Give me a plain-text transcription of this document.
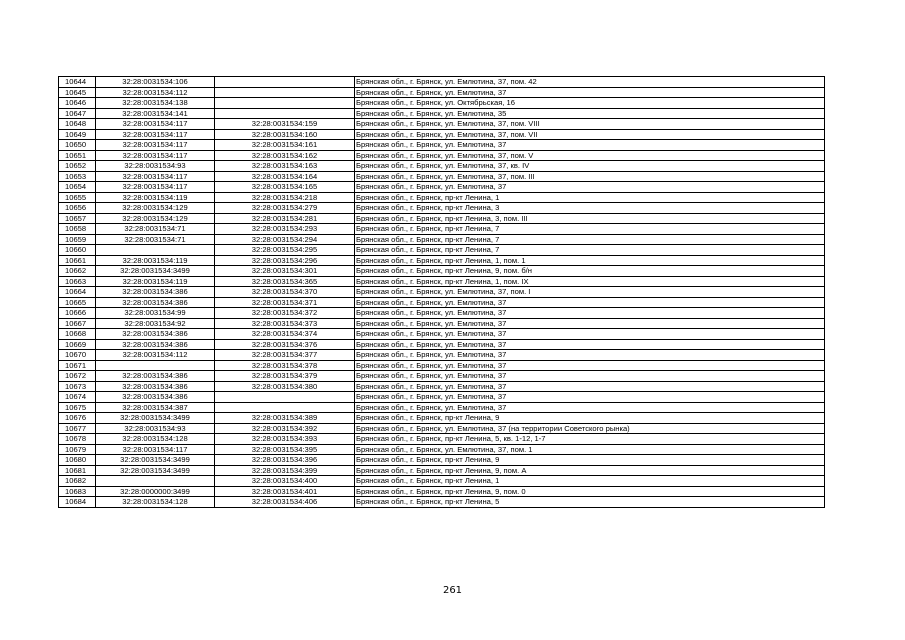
10644	32:28:0031534:106		Брянская обл., г. Брянск, ул. Емлютина, 37, пом. 42
10645	32:28:0031534:112		Брянская обл., г. Брянск, ул. Емлютина, 37
10646	32:28:0031534:138		Брянская обл., г. Брянск, ул. Октябрьская, 16
10647	32:28:0031534:141		Брянская обл., г. Брянск, ул. Емлютина, 35
10648	32:28:0031534:117	32:28:0031534:159	Брянская обл., г. Брянск, ул. Емлютина, 37, пом. VIII
10649	32:28:0031534:117	32:28:0031534:160	Брянская обл., г. Брянск, ул. Емлютина, 37, пом. VII
10650	32:28:0031534:117	32:28:0031534:161	Брянская обл., г. Брянск, ул. Емлютина, 37
10651	32:28:0031534:117	32:28:0031534:162	Брянская обл., г. Брянск, ул. Емлютина, 37, пом. V
10652	32:28:0031534:93	32:28:0031534:163	Брянская обл., г. Брянск, ул. Емлютина, 37, кв. IV
10653	32:28:0031534:117	32:28:0031534:164	Брянская обл., г. Брянск, ул. Емлютина, 37, пом. III
10654	32:28:0031534:117	32:28:0031534:165	Брянская обл., г. Брянск, ул. Емлютина, 37
10655	32:28:0031534:119	32:28:0031534:218	Брянская обл., г. Брянск, пр-кт Ленина, 1
10656	32:28:0031534:129	32:28:0031534:279	Брянская обл., г. Брянск, пр-кт Ленина, 3
10657	32:28:0031534:129	32:28:0031534:281	Брянская обл., г. Брянск, пр-кт Ленина, 3, пом. III
10658	32:28:0031534:71	32:28:0031534:293	Брянская обл., г. Брянск, пр-кт Ленина, 7
10659	32:28:0031534:71	32:28:0031534:294	Брянская обл., г. Брянск, пр-кт Ленина, 7
10660		32:28:0031534:295	Брянская обл., г. Брянск, пр-кт Ленина, 7
10661	32:28:0031534:119	32:28:0031534:296	Брянская обл., г. Брянск, пр-кт Ленина, 1, пом. 1
10662	32:28:0031534:3499	32:28:0031534:301	Брянская обл., г. Брянск, пр-кт Ленина, 9, пом. б/н
10663	32:28:0031534:119	32:28:0031534:365	Брянская обл., г. Брянск, пр-кт Ленина, 1, пом. IX
10664	32:28:0031534:386	32:28:0031534:370	Брянская обл., г. Брянск, ул. Емлютина, 37, пом. I
10665	32:28:0031534:386	32:28:0031534:371	Брянская обл., г. Брянск, ул. Емлютина, 37
10666	32:28:0031534:99	32:28:0031534:372	Брянская обл., г. Брянск, ул. Емлютина, 37
10667	32:28:0031534:92	32:28:0031534:373	Брянская обл., г. Брянск, ул. Емлютина, 37
10668	32:28:0031534:386	32:28:0031534:374	Брянская обл., г. Брянск, ул. Емлютина, 37
10669	32:28:0031534:386	32:28:0031534:376	Брянская обл., г. Брянск, ул. Емлютина, 37
10670	32:28:0031534:112	32:28:0031534:377	Брянская обл., г. Брянск, ул. Емлютина, 37
10671		32:28:0031534:378	Брянская обл., г. Брянск, ул. Емлютина, 37
10672	32:28:0031534:386	32:28:0031534:379	Брянская обл., г. Брянск, ул. Емлютина, 37
10673	32:28:0031534:386	32:28:0031534:380	Брянская обл., г. Брянск, ул. Емлютина, 37
10674	32:28:0031534:386		Брянская обл., г. Брянск, ул. Емлютина, 37
10675	32:28:0031534:387		Брянская обл., г. Брянск, ул. Емлютина, 37
10676	32:28:0031534:3499	32:28:0031534:389	Брянская обл., г. Брянск, пр-кт Ленина, 9
10677	32:28:0031534:93	32:28:0031534:392	Брянская обл., г. Брянск, ул. Емлютина, 37 (на территории Советского рынка)
10678	32:28:0031534:128	32:28:0031534:393	Брянская обл., г. Брянск, пр-кт Ленина, 5, кв. 1-12, 1-7
10679	32:28:0031534:117	32:28:0031534:395	Брянская обл., г. Брянск, ул. Емлютина, 37, пом. 1
10680	32:28:0031534:3499	32:28:0031534:396	Брянская обл., г. Брянск, пр-кт Ленина, 9
10681	32:28:0031534:3499	32:28:0031534:399	Брянская обл., г. Брянск, пр-кт Ленина, 9, пом. А
10682		32:28:0031534:400	Брянская обл., г. Брянск, пр-кт Ленина, 1
10683	32:28:0000000:3499	32:28:0031534:401	Брянская обл., г. Брянск, пр-кт Ленина, 9, пом. 0
10684	32:28:0031534:128	32:28:0031534:406	Брянская обл., г. Брянск, пр-кт Ленина, 5
261
